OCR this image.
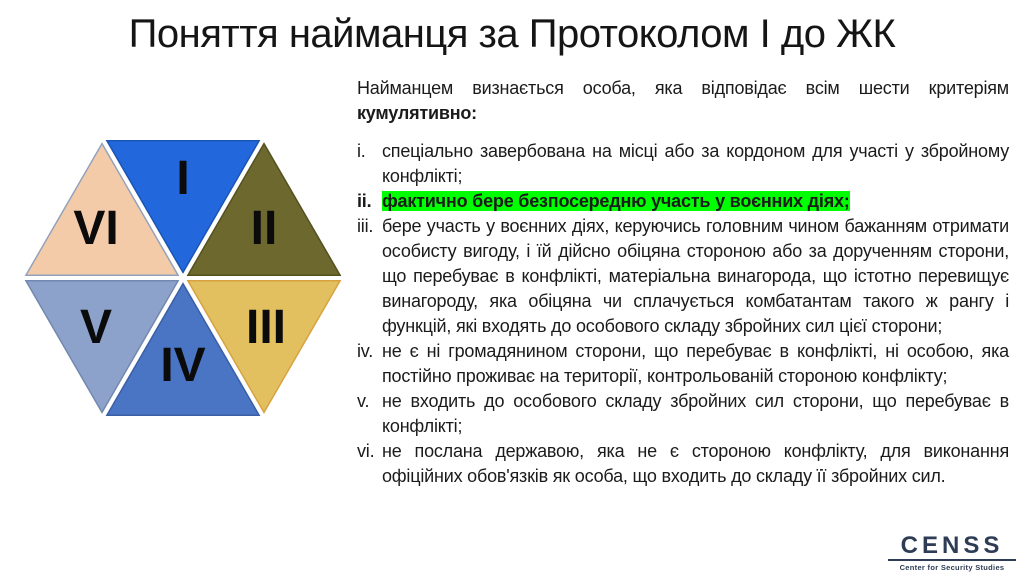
Поняття найманця за Протоколом І до ЖК
I
II
III
IV
V
VI

Найманцем визнається особа, яка відповідає всім шести критеріям кумулятивно:

i. спеціально завербована на місці або за кордоном для участі у збройному конфлікті;
ii. фактично бере безпосередню участь у воєнних діях;
iii. бере участь у воєнних діях, керуючись головним чином бажанням отримати особисту вигоду, і їй дійсно обіцяна стороною або за дорученням сторони, що перебуває в конфлікті, матеріальна винагорода, що істотно перевищує винагороду, яка обіцяна чи сплачується комбатантам такого ж рангу і функцій, які входять до особового складу збройних сил цієї сторони;
iv. не є ні громадянином сторони, що перебуває в конфлікті, ні особою, яка постійно проживає на території, контрольованій стороною конфлікту;
v. не входить до особового складу збройних сил сторони, що перебуває в конфлікті;
vi. не послана державою, яка не є стороною конфлікту, для виконання офіційних обов'язків як особа, що входить до складу її збройних сил.
CENSS
Center for Security Studies
